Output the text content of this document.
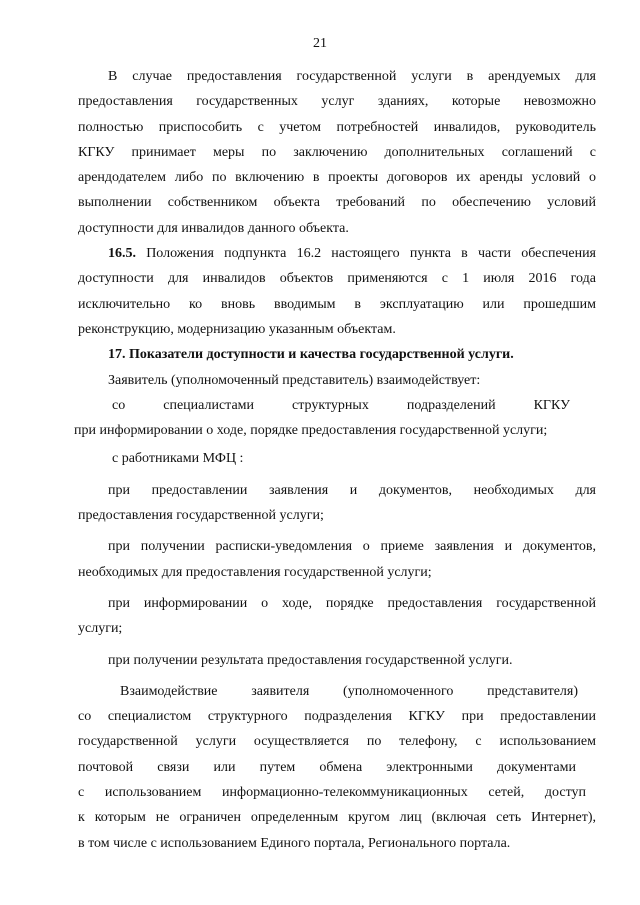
21

В случае предоставления государственной услуги в арендуемых для

предоставления государственных услуг зданиях, которые невозможно

полностью приспособить с учетом потребностей инвалидов, руководитель

КГКУ принимает меры по заключению дополнительных соглашений с

арендодателем либо по включению в проекты договоров их аренды условий о

выполнении собственником объекта требований по обеспечению условий

доступности для инвалидов данного объекта.

16.5. Положения подпункта 16.2 настоящего пункта в части обеспечения

доступности для инвалидов объектов применяются с 1 июля 2016 года

исключительно ко вновь вводимым в эксплуатацию или прошедшим

реконструкцию, модернизацию указанным объектам.

17. Показатели доступности и качества государственной услуги.

Заявитель (уполномоченный представитель) взаимодействует:

со специалистами структурных подразделений КГКУ

при информировании о ходе, порядке предоставления государственной услуги;

с работниками МФЦ :

при предоставлении заявления и документов, необходимых для

предоставления государственной услуги;

при получении расписки-уведомления о приеме заявления и документов,

необходимых для предоставления государственной услуги;

при информировании о ходе, порядке предоставления государственной

услуги;

при получении результата предоставления государственной услуги.

Взаимодействие заявителя (уполномоченного представителя)

со специалистом структурного подразделения КГКУ при предоставлении

государственной услуги осуществляется по телефону, с использованием

почтовой связи или путем обмена электронными документами

с использованием информационно-телекоммуникационных сетей, доступ

к которым не ограничен определенным кругом лиц (включая сеть Интернет),

в том числе с использованием Единого портала, Регионального портала.
